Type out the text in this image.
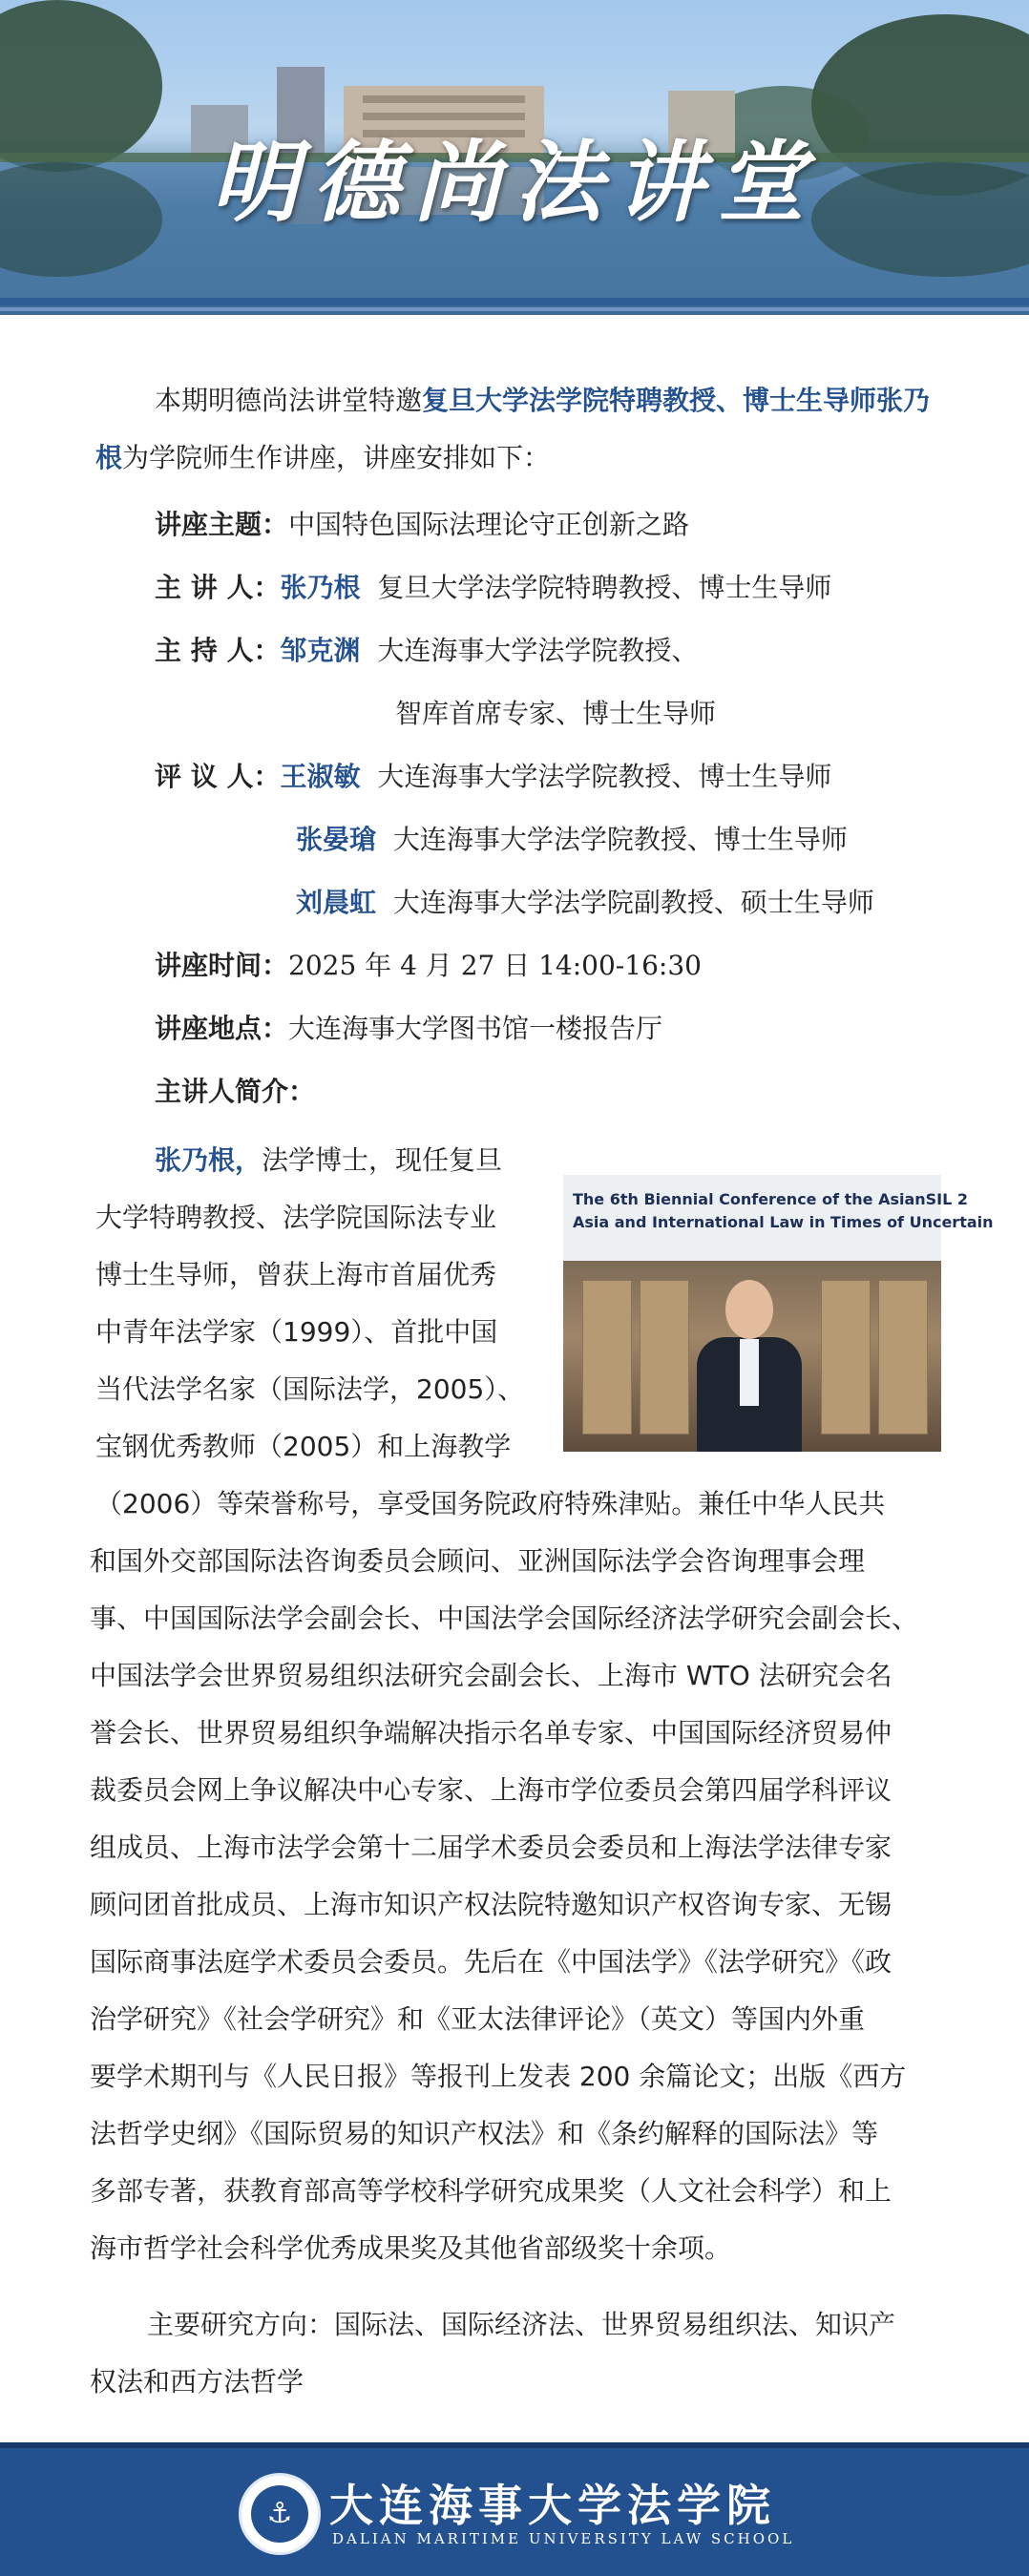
明德尚法讲堂
本期明德尚法讲堂特邀复旦大学法学院特聘教授、博士生导师张乃根为学院师生作讲座，讲座安排如下：
讲座主题：中国特色国际法理论守正创新之路
主 讲 人：张乃根 复旦大学法学院特聘教授、博士生导师
主 持 人：邹克渊 大连海事大学法学院教授、
智库首席专家、博士生导师
评 议 人：王淑敏 大连海事大学法学院教授、博士生导师
张晏瑲 大连海事大学法学院教授、博士生导师
刘晨虹 大连海事大学法学院副教授、硕士生导师
讲座时间：2025 年 4 月 27 日 14:00-16:30
讲座地点：大连海事大学图书馆一楼报告厅
主讲人简介：
张乃根，法学博士，现任复旦
大学特聘教授、法学院国际法专业
博士生导师，曾获上海市首届优秀
中青年法学家（1999）、首批中国
当代法学名家（国际法学，2005）、
宝钢优秀教师（2005）和上海教学
（2006）等荣誉称号，享受国务院政府特殊津贴。兼任中华人民共
和国外交部国际法咨询委员会顾问、亚洲国际法学会咨询理事会理
事、中国国际法学会副会长、中国法学会国际经济法学研究会副会长、
中国法学会世界贸易组织法研究会副会长、上海市 WTO 法研究会名
誉会长、世界贸易组织争端解决指示名单专家、中国国际经济贸易仲
裁委员会网上争议解决中心专家、上海市学位委员会第四届学科评议
组成员、上海市法学会第十二届学术委员会委员和上海法学法律专家
顾问团首批成员、上海市知识产权法院特邀知识产权咨询专家、无锡
国际商事法庭学术委员会委员。先后在《中国法学》《法学研究》《政
治学研究》《社会学研究》和《亚太法律评论》（英文）等国内外重
要学术期刊与《人民日报》等报刊上发表 200 余篇论文；出版《西方
法哲学史纲》《国际贸易的知识产权法》和《条约解释的国际法》等
多部专著，获教育部高等学校科学研究成果奖（人文社会科学）和上
海市哲学社会科学优秀成果奖及其他省部级奖十余项。
主要研究方向：国际法、国际经济法、世界贸易组织法、知识产
权法和西方法哲学
The 6th Biennial Conference of the AsianSIL 2
Asia and International Law in Times of Uncertain
⚓ 大连海事大学法学院
DALIAN MARITIME UNIVERSITY LAW SCHOOL
